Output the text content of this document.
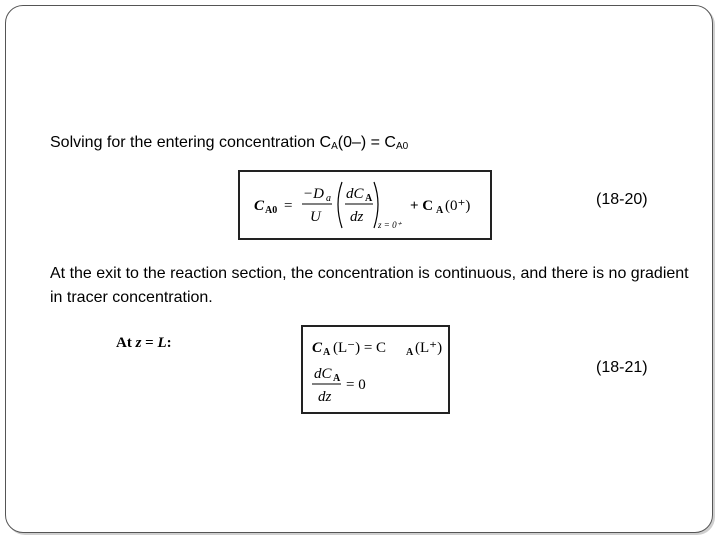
Solving for the entering concentration $C_A(0-) = C_{A0}$
C A0 =
−D a
U
dC A
dz z = 0⁺
+ C A (0⁺)	(18-20)
At the exit to the reaction section, the concentration is continuous, and there is no gradient in tracer concentration.
At z = L:	C A (L⁻) = C A (L⁺)
dC A
dz
= 0
(18-21)
